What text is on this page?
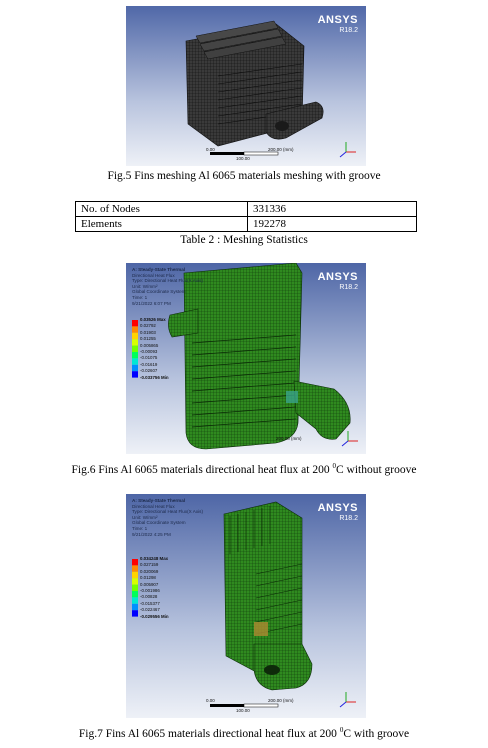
ANSYS
R18.2
0.00	200.00 (mm)
100.00
Fig.5 Fins meshing Al 6065 materials meshing with groove
No. of Nodes	331336
Elements	192278
Table 2 : Meshing Statistics
ANSYS
R18.2
A: Steady-State Thermal
Directional Heat Flux
Type: Directional Heat Flux(X Axis)
Unit: W/mm²
Global Coordinate System
Time: 1
9/21/2022 6:07 PM
0.03526 Max
0.02792
0.01903
0.01255
0.005865
-0.00093
-0.01075
-0.01619
-0.02607
-0.033756 Min
200.00 (mm)
Fig.6 Fins Al 6065 materials directional heat flux at 200 $^0$C without groove
ANSYS
R18.2
A: Steady-State Thermal
Directional Heat Flux
Type: Directional Heat Flux(X Axis)
Unit: W/mm²
Global Coordinate System
Time: 1
9/21/2022 4:25 PM
0.034248 Max
0.027159
0.020069
0.01298
0.005907
-0.001986
-0.00828
-0.015377
-0.022467
-0.029556 Min
0.00	200.00 (mm)
100.00
Fig.7 Fins Al 6065 materials directional heat flux at 200 $^0$C with groove
